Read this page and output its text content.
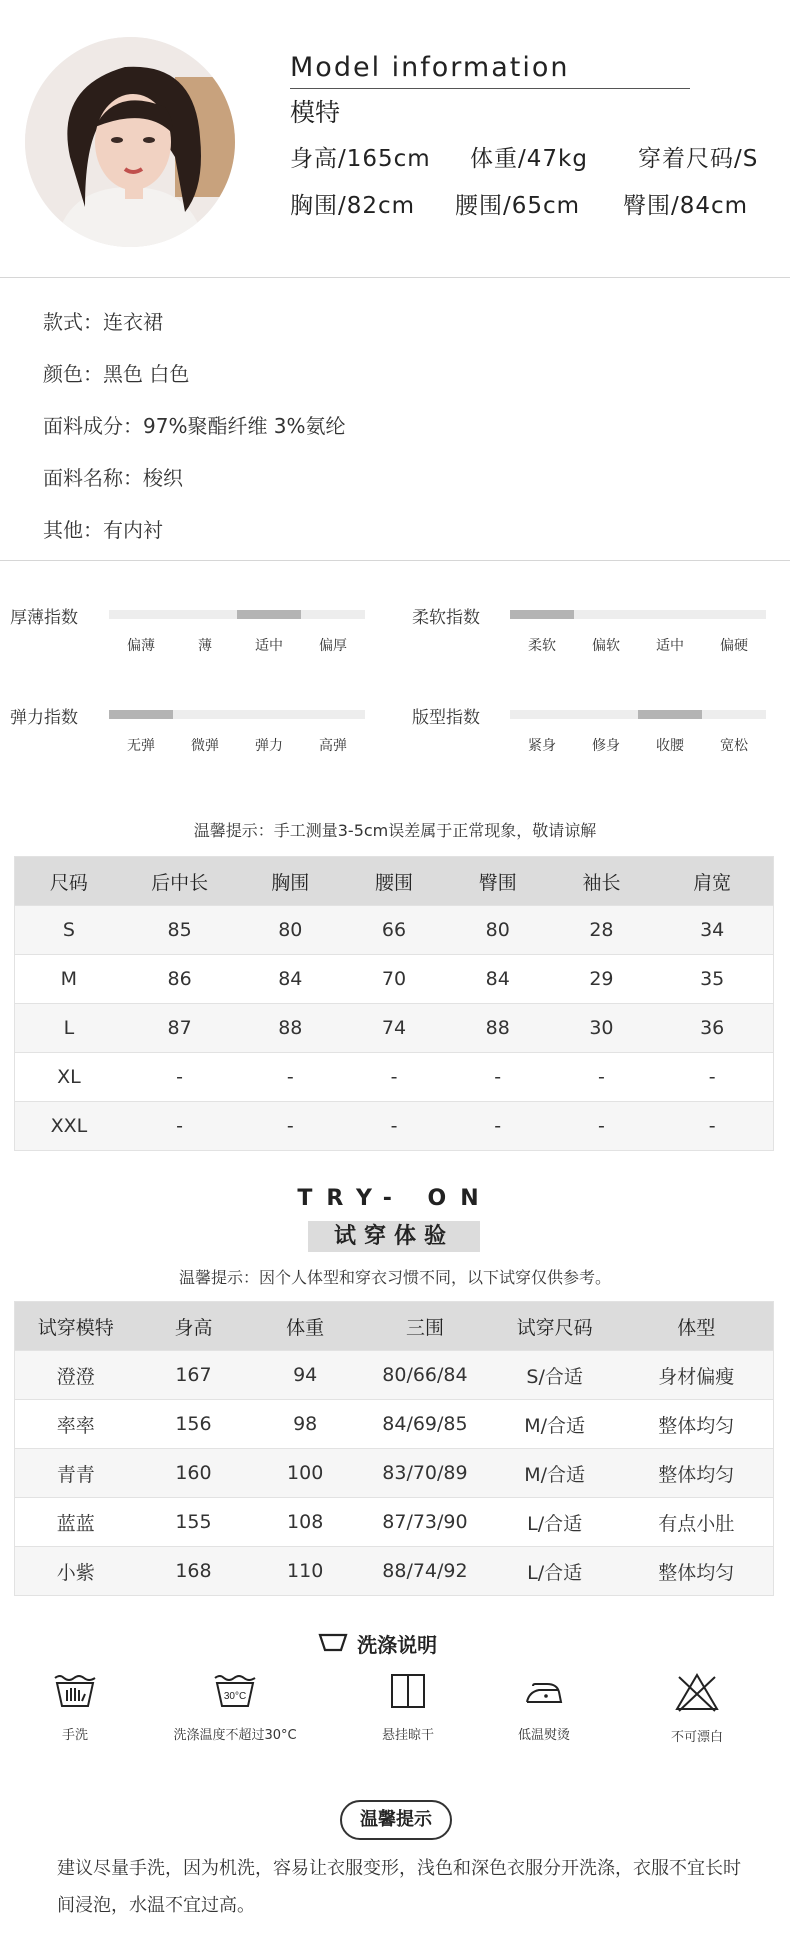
Model information
模特
身高/165cm 体重/47kg 穿着尺码/S
胸围/82cm 腰围/65cm 臀围/84cm
款式：连衣裙
颜色：黑色 白色
面料成分：97%聚酯纤维 3%氨纶
面料名称：梭织
其他：有内衬
厚薄指数
偏薄	薄	适中	偏厚
柔软指数
柔软	偏软	适中	偏硬
弹力指数
无弹	微弹	弹力	高弹
版型指数
紧身	修身	收腰	宽松
温馨提示：手工测量3-5cm误差属于正常现象，敬请谅解
尺码	后中长	胸围	腰围	臀围	袖长	肩宽
S	85	80	66	80	28	34
M	86	84	70	84	29	35
L	87	88	74	88	30	36
XL	-	-	-	-	-	-
XXL	-	-	-	-	-	-
TRY- ON
试穿体验
温馨提示：因个人体型和穿衣习惯不同，以下试穿仅供参考。
试穿模特	身高	体重	三围	试穿尺码	体型
澄澄	167	94	80/66/84	S/合适	身材偏瘦
率率	156	98	84/69/85	M/合适	整体均匀
青青	160	100	83/70/89	M/合适	整体均匀
蓝蓝	155	108	87/73/90	L/合适	有点小肚
小紫	168	110	88/74/92	L/合适	整体均匀
洗涤说明
手洗
30°C
洗涤温度不超过30°C	悬挂晾干	低温熨烫	不可漂白
温馨提示
建议尽量手洗，因为机洗，容易让衣服变形，浅色和深色衣服分开洗涤，衣服不宜长时间浸泡，水温不宜过高。
